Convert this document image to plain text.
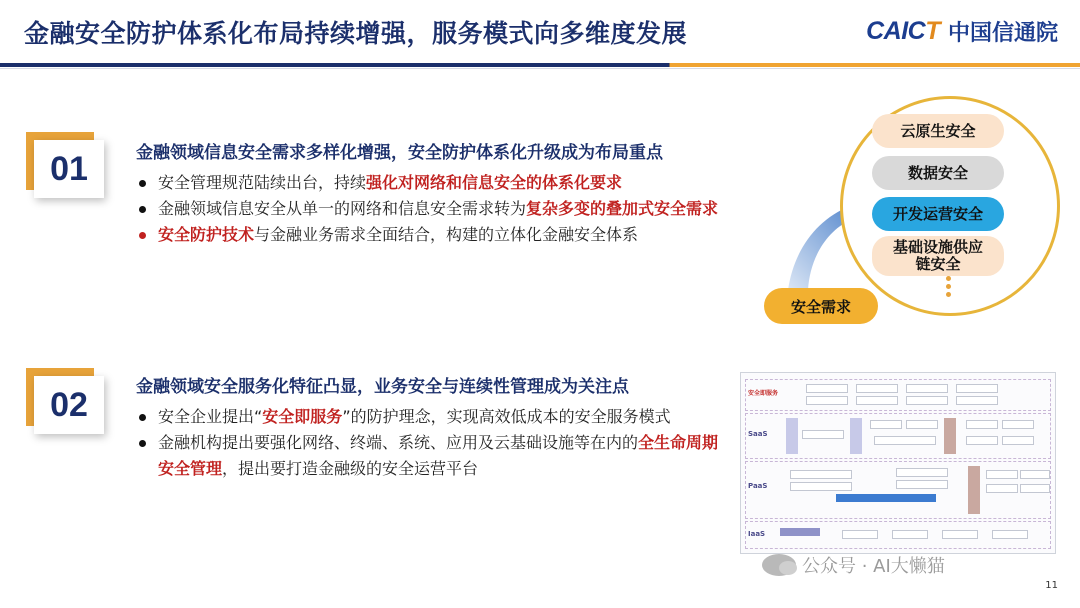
金融安全防护体系化布局持续增强，服务模式向多维度发展	CAICT 中国信通院
01	金融领域信息安全需求多样化增强，安全防护体系化升级成为布局重点
安全管理规范陆续出台，持续强化对网络和信息安全的体系化要求
金融领域信息安全从单一的网络和信息安全需求转为复杂多变的叠加式安全需求
安全防护技术与金融业务需求全面结合，构建的立体化金融安全体系
02	金融领域安全服务化特征凸显，业务安全与连续性管理成为关注点
安全企业提出“安全即服务”的防护理念，实现高效低成本的安全服务模式
金融机构提出要强化网络、终端、系统、应用及云基础设施等在内的全生命周期安全管理，提出要打造金融级的安全运营平台
云原生安全
数据安全
开发运营安全
基础设施供应链安全
安全需求
安全即服务
SaaS
PaaS
IaaS
公众号 · AI大懒猫
11
